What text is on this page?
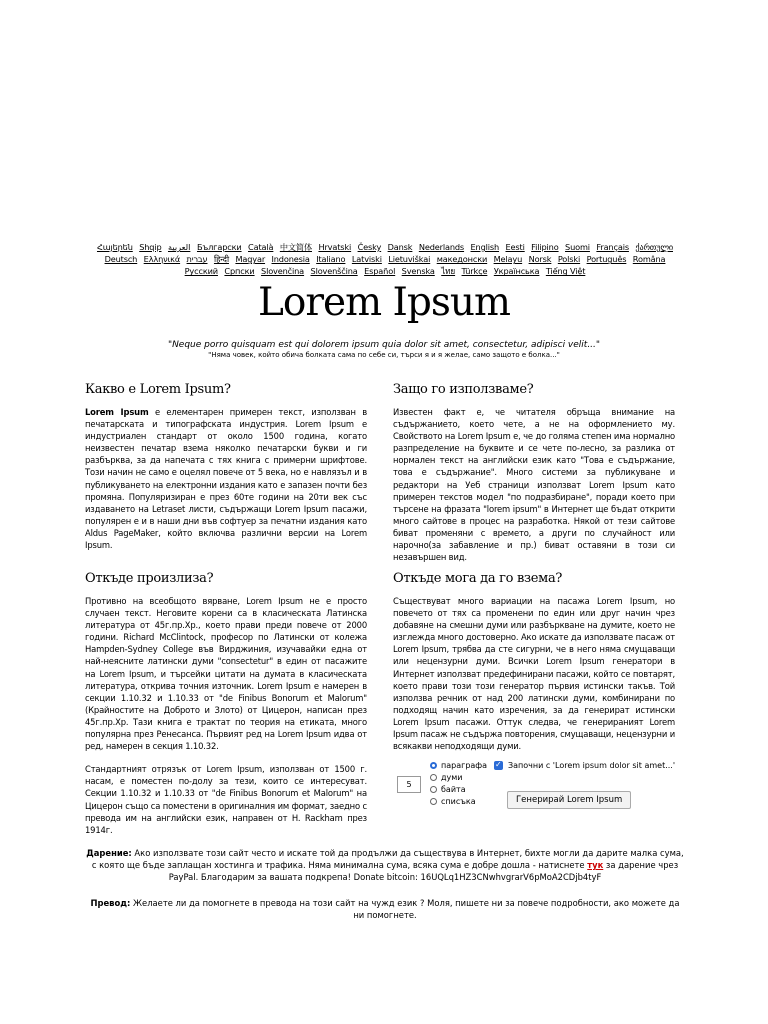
Հայերեն Shqip العربية Български Català 中文简体 Hrvatski Česky Dansk Nederlands English Eesti Filipino Suomi Français ქართული Deutsch Ελληνικά עברית हिन्दी Magyar Indonesia Italiano Latviski Lietuviškai македонски Melayu Norsk Polski Português Româna Pyccкий Српски Slovenčina Slovenščina Español Svenska ไทย Türkçe Українська Tiếng Việt
Lorem Ipsum
"Neque porro quisquam est qui dolorem ipsum quia dolor sit amet, consectetur, adipisci velit..."
"Няма човек, който обича болката сама по себе си, търси я и я желае, само защото е болка..."
Какво е Lorem Ipsum?

Lorem Ipsum е елементарен примерен текст, използван в печатарската и типографската индустрия. Lorem Ipsum е индустриален стандарт от около 1500 година, когато неизвестен печатар взема няколко печатарски букви и ги разбърква, за да напечата с тях книга с примерни шрифтове. Този начин не само е оцелял повече от 5 века, но е навлязъл и в публикуването на електронни издания като е запазен почти без промяна. Популяризиран е през 60те години на 20ти век със издаването на Letraset листи, съдържащи Lorem Ipsum пасажи, популярен е и в наши дни във софтуер за печатни издания като Aldus PageMaker, който включва различни версии на Lorem Ipsum.

Защо го използваме?

Известен факт е, че читателя обръща внимание на съдържанието, което чете, а не на оформлението му. Свойството на Lorem Ipsum е, че до голяма степен има нормално разпределение на буквите и се чете по-лесно, за разлика от нормален текст на английски език като "Това е съдържание, това е съдържание". Много системи за публикуване и редактори на Уеб страници използват Lorem Ipsum като примерен текстов модел "по подразбиране", поради което при търсене на фразата "lorem ipsum" в Интернет ще бъдат открити много сайтове в процес на разработка. Някой от тези сайтове биват променяни с времето, а други по случайност или нарочно(за забавление и пр.) биват оставяни в този си незавършен вид.

Откъде произлиза?

Противно на всеобщото вярване, Lorem Ipsum не е просто случаен текст. Неговите корени са в класическата Латинска литература от 45г.пр.Хр., което прави преди повече от 2000 години. Richard McClintock, професор по Латински от колежа Hampden-Sydney College във Вирджиния, изучавайки една от най-неясните латински думи "consectetur" в един от пасажите на Lorem Ipsum, и търсейки цитати на думата в класическата литература, открива точния източник. Lorem Ipsum е намерен в секции 1.10.32 и 1.10.33 от "de Finibus Bonorum et Malorum" (Крайностите на Доброто и Злото) от Цицерон, написан през 45г.пр.Хр. Тази книга е трактат по теория на етиката, много популярна през Ренесанса. Първият ред на Lorem Ipsum идва от ред, намерен в секция 1.10.32.

Стандартният отрязък от Lorem Ipsum, използван от 1500 г. насам, е поместен по-долу за тези, които се интересуват. Секции 1.10.32 и 1.10.33 от "de Finibus Bonorum et Malorum" на Цицерон също са поместени в оригиналния им формат, заедно с превода им на английски език, направен от H. Rackham през 1914г.

Откъде мога да го взема?

Съществуват много вариации на пасажа Lorem Ipsum, но повечето от тях са променени по един или друг начин чрез добавяне на смешни думи или разбъркване на думите, което не изглежда много достоверно. Ако искате да използвате пасаж от Lorem Ipsum, трябва да сте сигурни, че в него няма смущаващи или нецензурни думи. Всички Lorem Ipsum генератори в Интернет използват предефинирани пасажи, който се повтарят, което прави този този генератор първия истински такъв. Той използва речник от над 200 латински думи, комбинирани по подходящ начин като изречения, за да генерират истински Lorem Ipsum пасажи. Оттук следва, че генерираният Lorem Ipsum пасаж не съдържа повторения, смущаващи, нецензурни и всякакви неподходящи думи.

5
параграфа
думи
байта
списъка
✓
Започни с 'Lorem ipsum dolor sit amet...'
Генерирай Lorem Ipsum
Дарение: Ако използвате този сайт често и искате той да продължи да съществува в Интернет, бихте могли да дарите малка сума, с която ще бъде заплащан хостинга и трафика. Няма минимална сума, всяка сума е добре дошла - натиснете тук за дарение чрез PayPal. Благодарим за вашата подкрепа! Donate bitcoin: 16UQLq1HZ3CNwhvgrarV6pMoA2CDjb4tyF
Превод: Желаете ли да помогнете в превода на този сайт на чужд език ? Моля, пишете ни за повече подробности, ако можете да ни помогнете.
